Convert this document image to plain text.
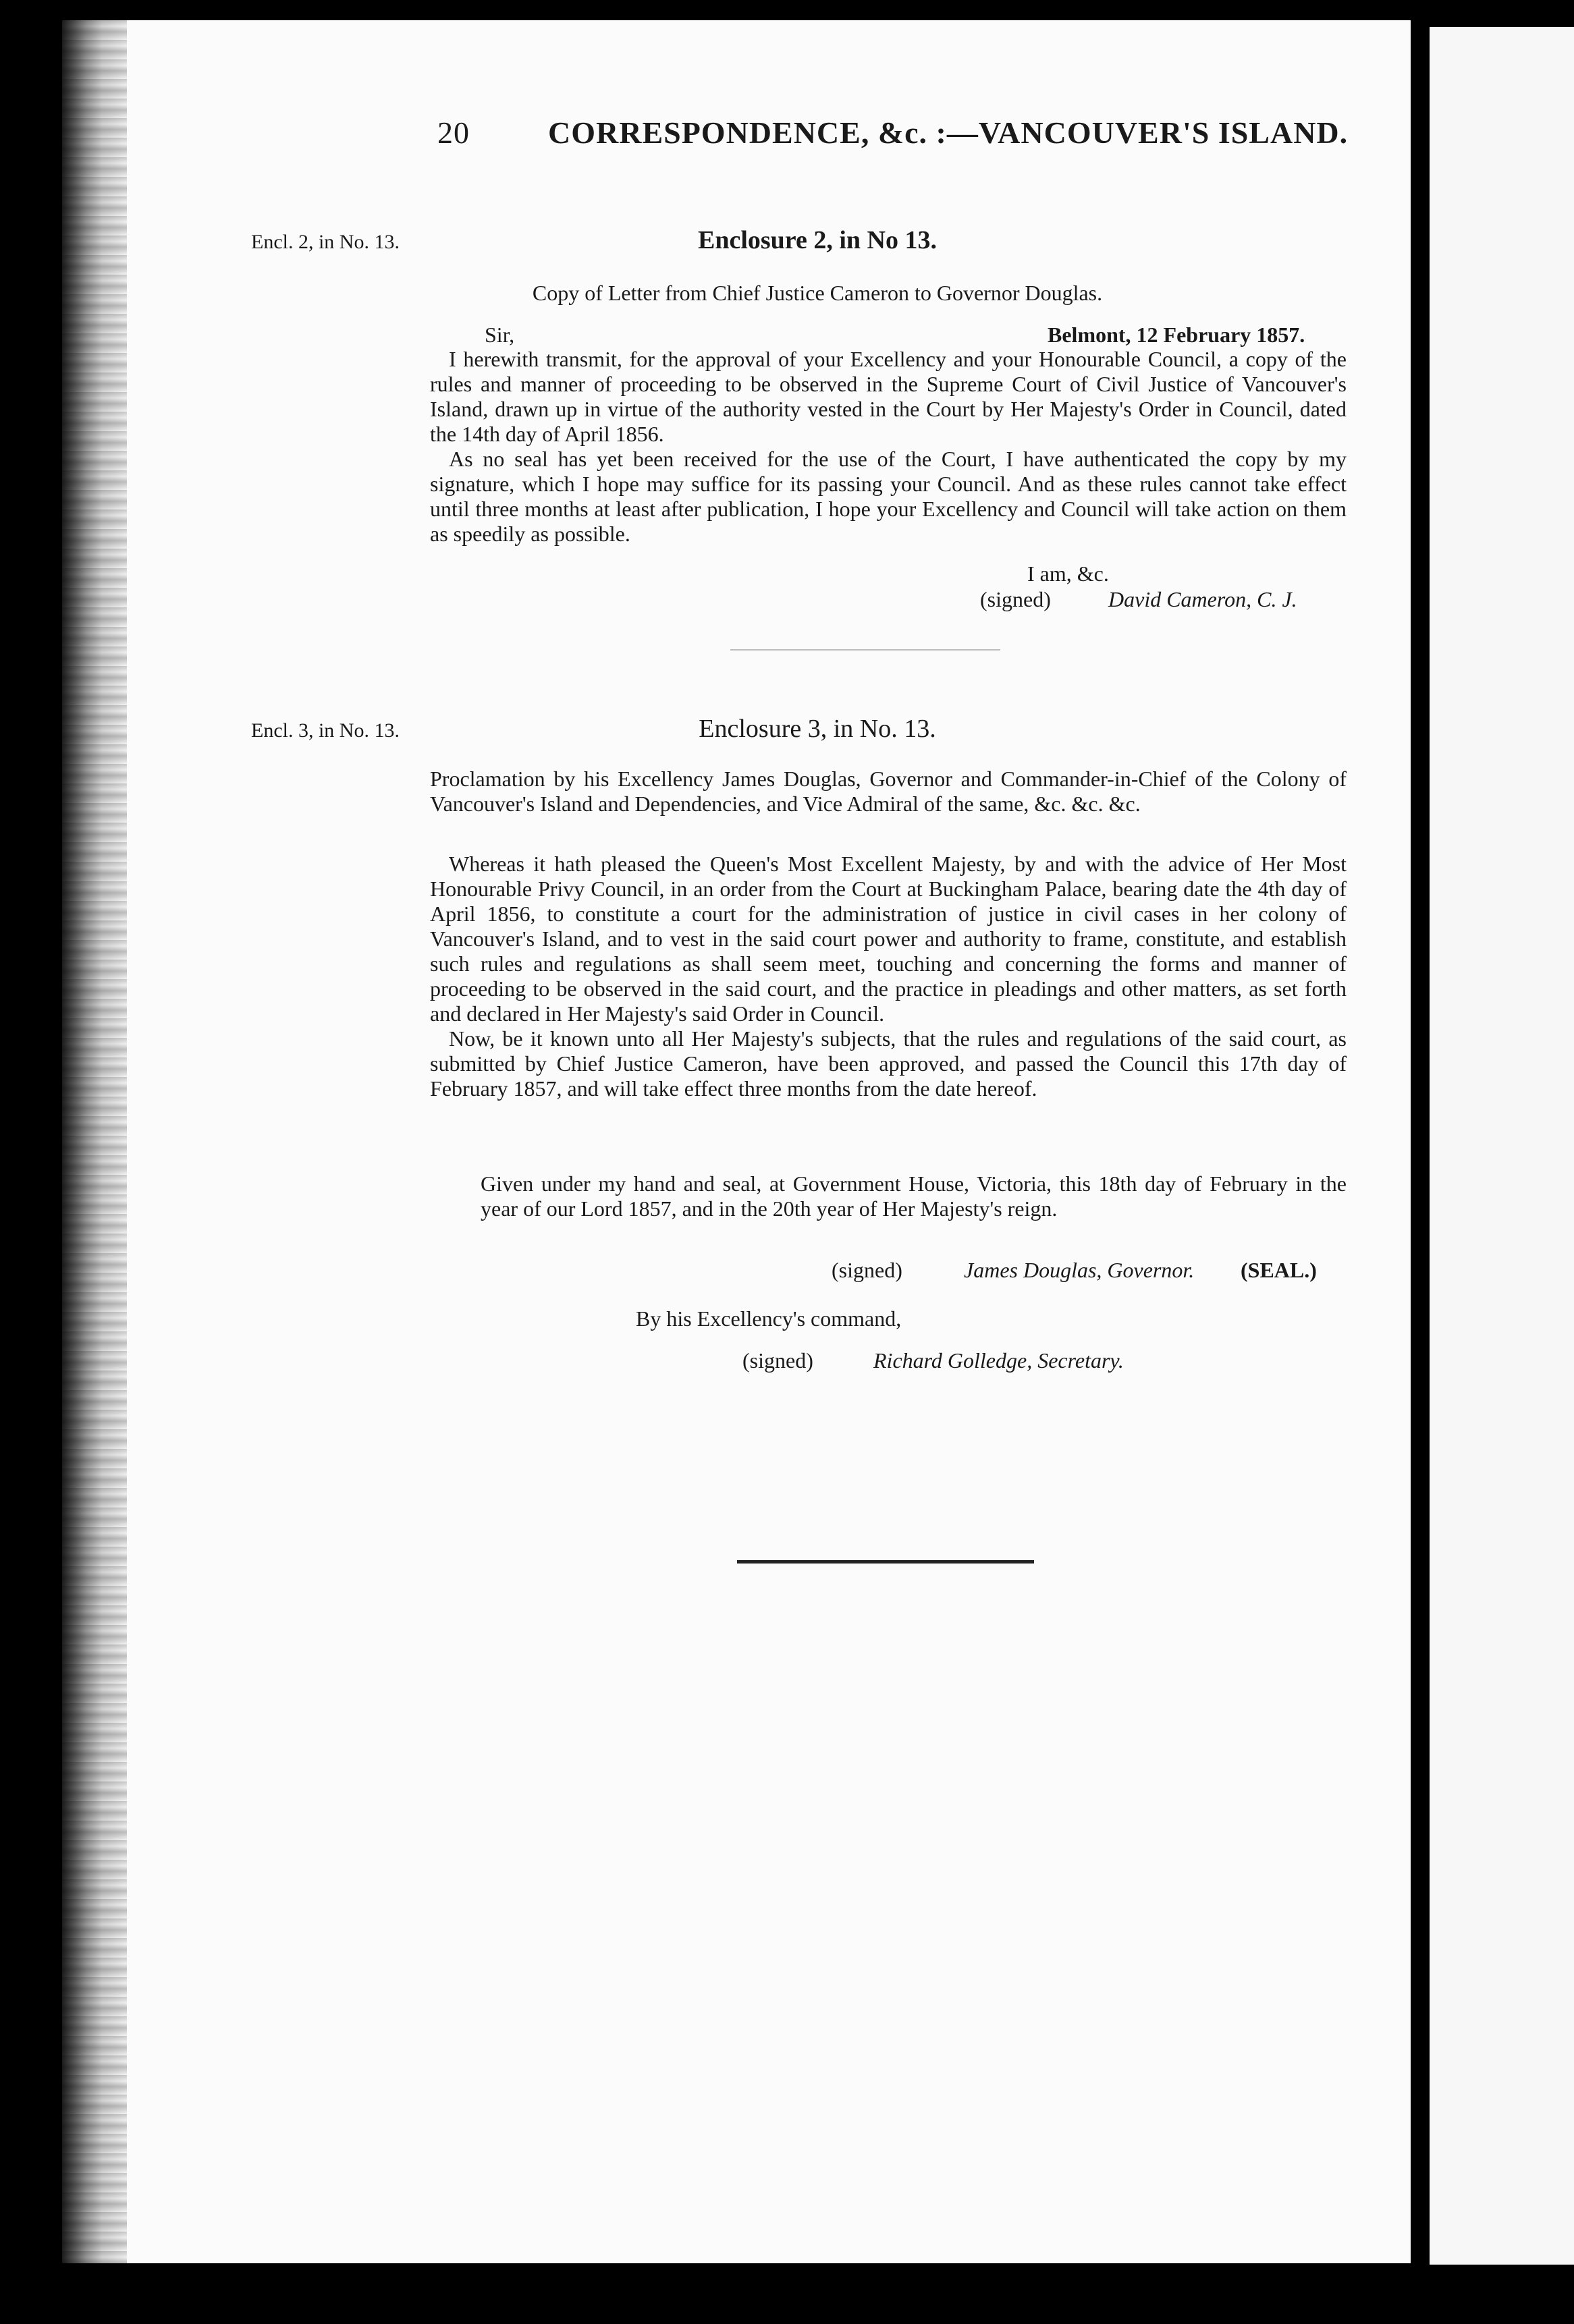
20	CORRESPONDENCE, &c. :—VANCOUVER'S ISLAND.
Encl. 2, in No. 13.	Enclosure 2, in No 13.
Copy of Letter from Chief Justice Cameron to Governor Douglas.
Sir,	Belmont, 12 February 1857.

I herewith transmit, for the approval of your Excellency and your Honourable Council, a copy of the rules and manner of proceeding to be observed in the Supreme Court of Civil Justice of Vancouver's Island, drawn up in virtue of the authority vested in the Court by Her Majesty's Order in Council, dated the 14th day of April 1856.

As no seal has yet been received for the use of the Court, I have authenticated the copy by my signature, which I hope may suffice for its passing your Council. And as these rules cannot take effect until three months at least after publication, I hope your Excellency and Council will take action on them as speedily as possible.

I am, &c.
(signed)	David Cameron, C. J.
Encl. 3, in No. 13.	Enclosure 3, in No. 13.

Proclamation by his Excellency James Douglas, Governor and Commander-in-Chief of the Colony of Vancouver's Island and Dependencies, and Vice Admiral of the same, &c. &c. &c.

Whereas it hath pleased the Queen's Most Excellent Majesty, by and with the advice of Her Most Honourable Privy Council, in an order from the Court at Buckingham Palace, bearing date the 4th day of April 1856, to constitute a court for the administration of justice in civil cases in her colony of Vancouver's Island, and to vest in the said court power and authority to frame, constitute, and establish such rules and regulations as shall seem meet, touching and concerning the forms and manner of proceeding to be observed in the said court, and the practice in pleadings and other matters, as set forth and declared in Her Majesty's said Order in Council.

Now, be it known unto all Her Majesty's subjects, that the rules and regulations of the said court, as submitted by Chief Justice Cameron, have been approved, and passed the Council this 17th day of February 1857, and will take effect three months from the date hereof.

Given under my hand and seal, at Government House, Victoria, this 18th day of February in the year of our Lord 1857, and in the 20th year of Her Majesty's reign.

(signed)	James Douglas, Governor. (SEAL.)
By his Excellency's command,
(signed)	Richard Golledge, Secretary.
